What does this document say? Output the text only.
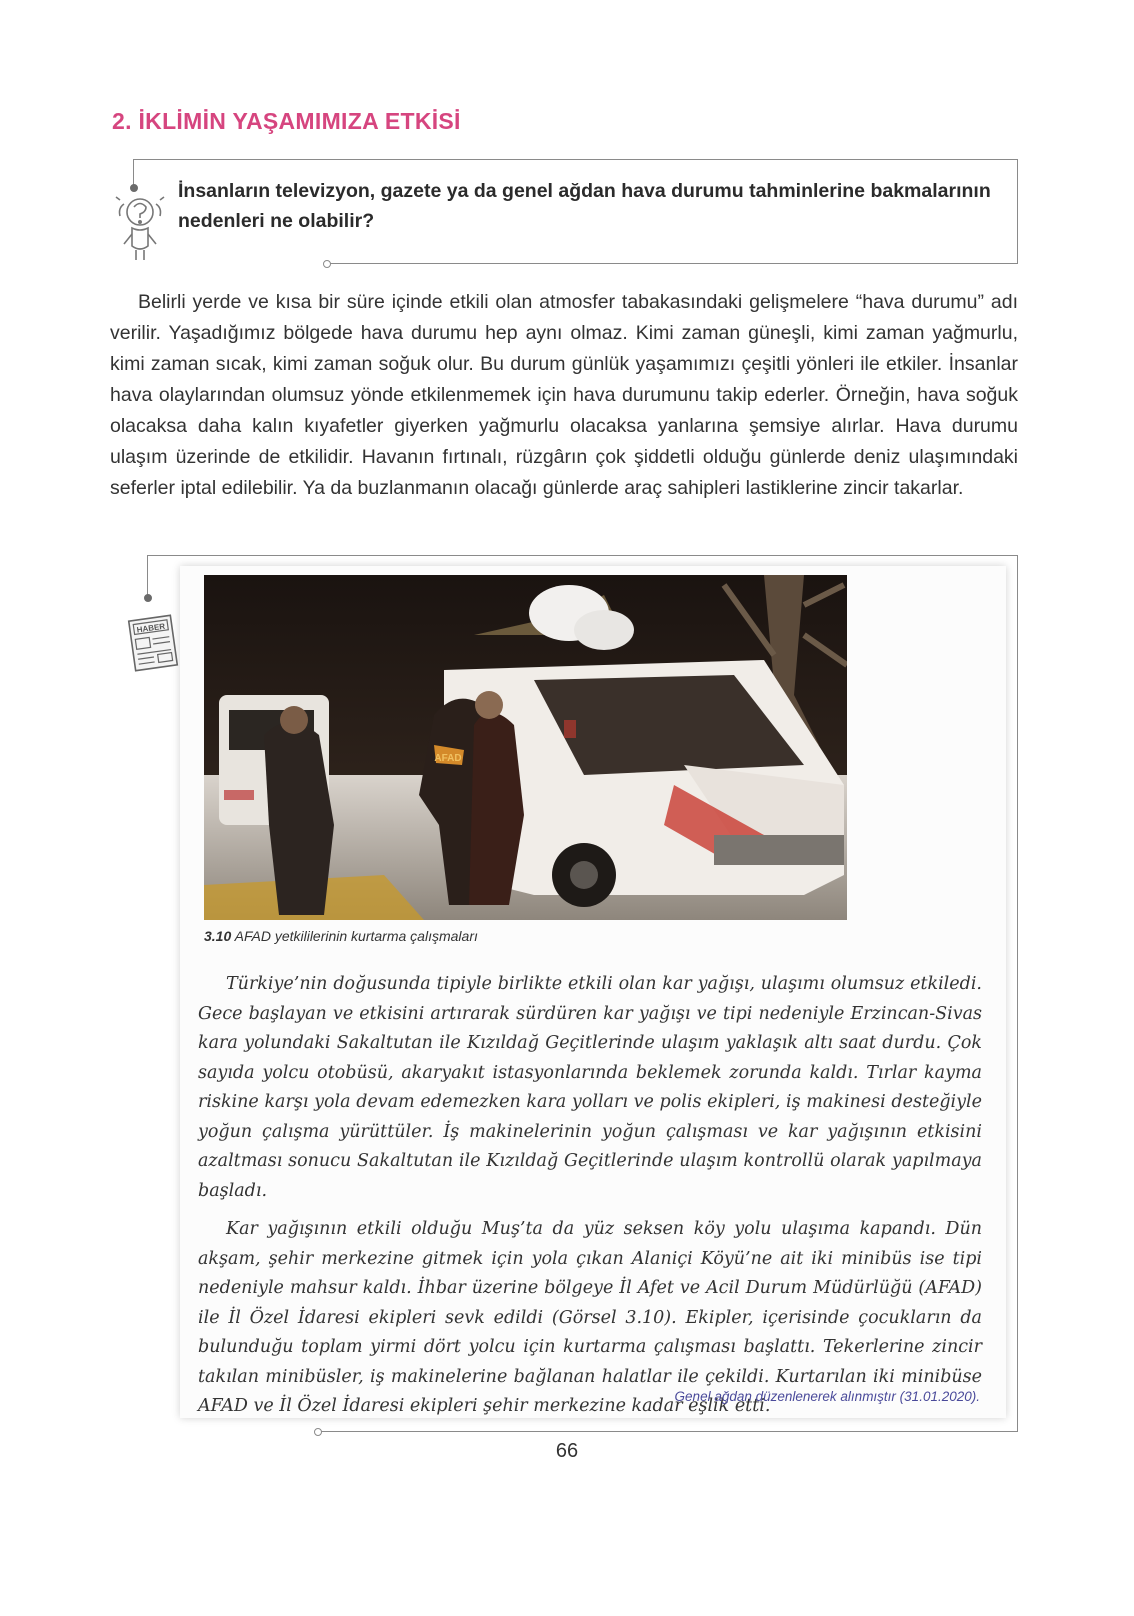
2. İKLİMİN YAŞAMIMIZA ETKİSİ
İnsanların televizyon, gazete ya da genel ağdan hava durumu tahminlerine bakmalarının nedenleri ne olabilir?

Belirli yerde ve kısa bir süre içinde etkili olan atmosfer tabakasındaki gelişmelere “hava durumu” adı verilir. Yaşadığımız bölgede hava durumu hep aynı olmaz. Kimi zaman güneşli, kimi zaman yağmurlu, kimi zaman sıcak, kimi zaman soğuk olur. Bu durum günlük yaşamımızı çeşitli yönleri ile etkiler. İnsanlar hava olaylarından olumsuz yönde etkilenmemek için hava durumunu takip ederler. Örneğin, hava soğuk olacaksa daha kalın kıyafetler giyerken yağmurlu olacaksa yanlarına şemsiye alırlar. Hava durumu ulaşım üzerinde de etkilidir. Havanın fırtınalı, rüzgârın çok şiddetli olduğu günlerde deniz ulaşımındaki seferler iptal edilebilir. Ya da buzlanmanın olacağı günlerde araç sahipleri lastiklerine zincir takarlar.

HABER
AFAD
3.10 AFAD yetkililerinin kurtarma çalışmaları

Türkiye’nin doğusunda tipiyle birlikte etkili olan kar yağışı, ulaşımı olumsuz etkiledi. Gece başlayan ve etkisini artırarak sürdüren kar yağışı ve tipi nedeniyle Erzincan-Sivas kara yolundaki Sakaltutan ile Kızıldağ Geçitlerinde ulaşım yaklaşık altı saat durdu. Çok sayıda yolcu otobüsü, akaryakıt istasyonlarında beklemek zorunda kaldı. Tırlar kayma riskine karşı yola devam edemezken kara yolları ve polis ekipleri, iş makinesi desteğiyle yoğun çalışma yürüttüler. İş makinelerinin yoğun çalışması ve kar yağışının etkisini azaltması sonucu Sakaltutan ile Kızıldağ Geçitlerinde ulaşım kontrollü olarak yapılmaya başladı.

Kar yağışının etkili olduğu Muş’ta da yüz seksen köy yolu ulaşıma kapandı. Dün akşam, şehir merkezine gitmek için yola çıkan Alaniçi Köyü’ne ait iki minibüs ise tipi nedeniyle mahsur kaldı. İhbar üzerine bölgeye İl Afet ve Acil Durum Müdürlüğü (AFAD) ile İl Özel İdaresi ekipleri sevk edildi (Görsel 3.10). Ekipler, içerisinde çocukların da bulunduğu toplam yirmi dört yolcu için kurtarma çalışması başlattı. Tekerlerine zincir takılan minibüsler, iş makinelerine bağlanan halatlar ile çekildi. Kurtarılan iki minibüse AFAD ve İl Özel İdaresi ekipleri şehir merkezine kadar eşlik etti.

Genel ağdan düzenlenerek alınmıştır (31.01.2020).
66
